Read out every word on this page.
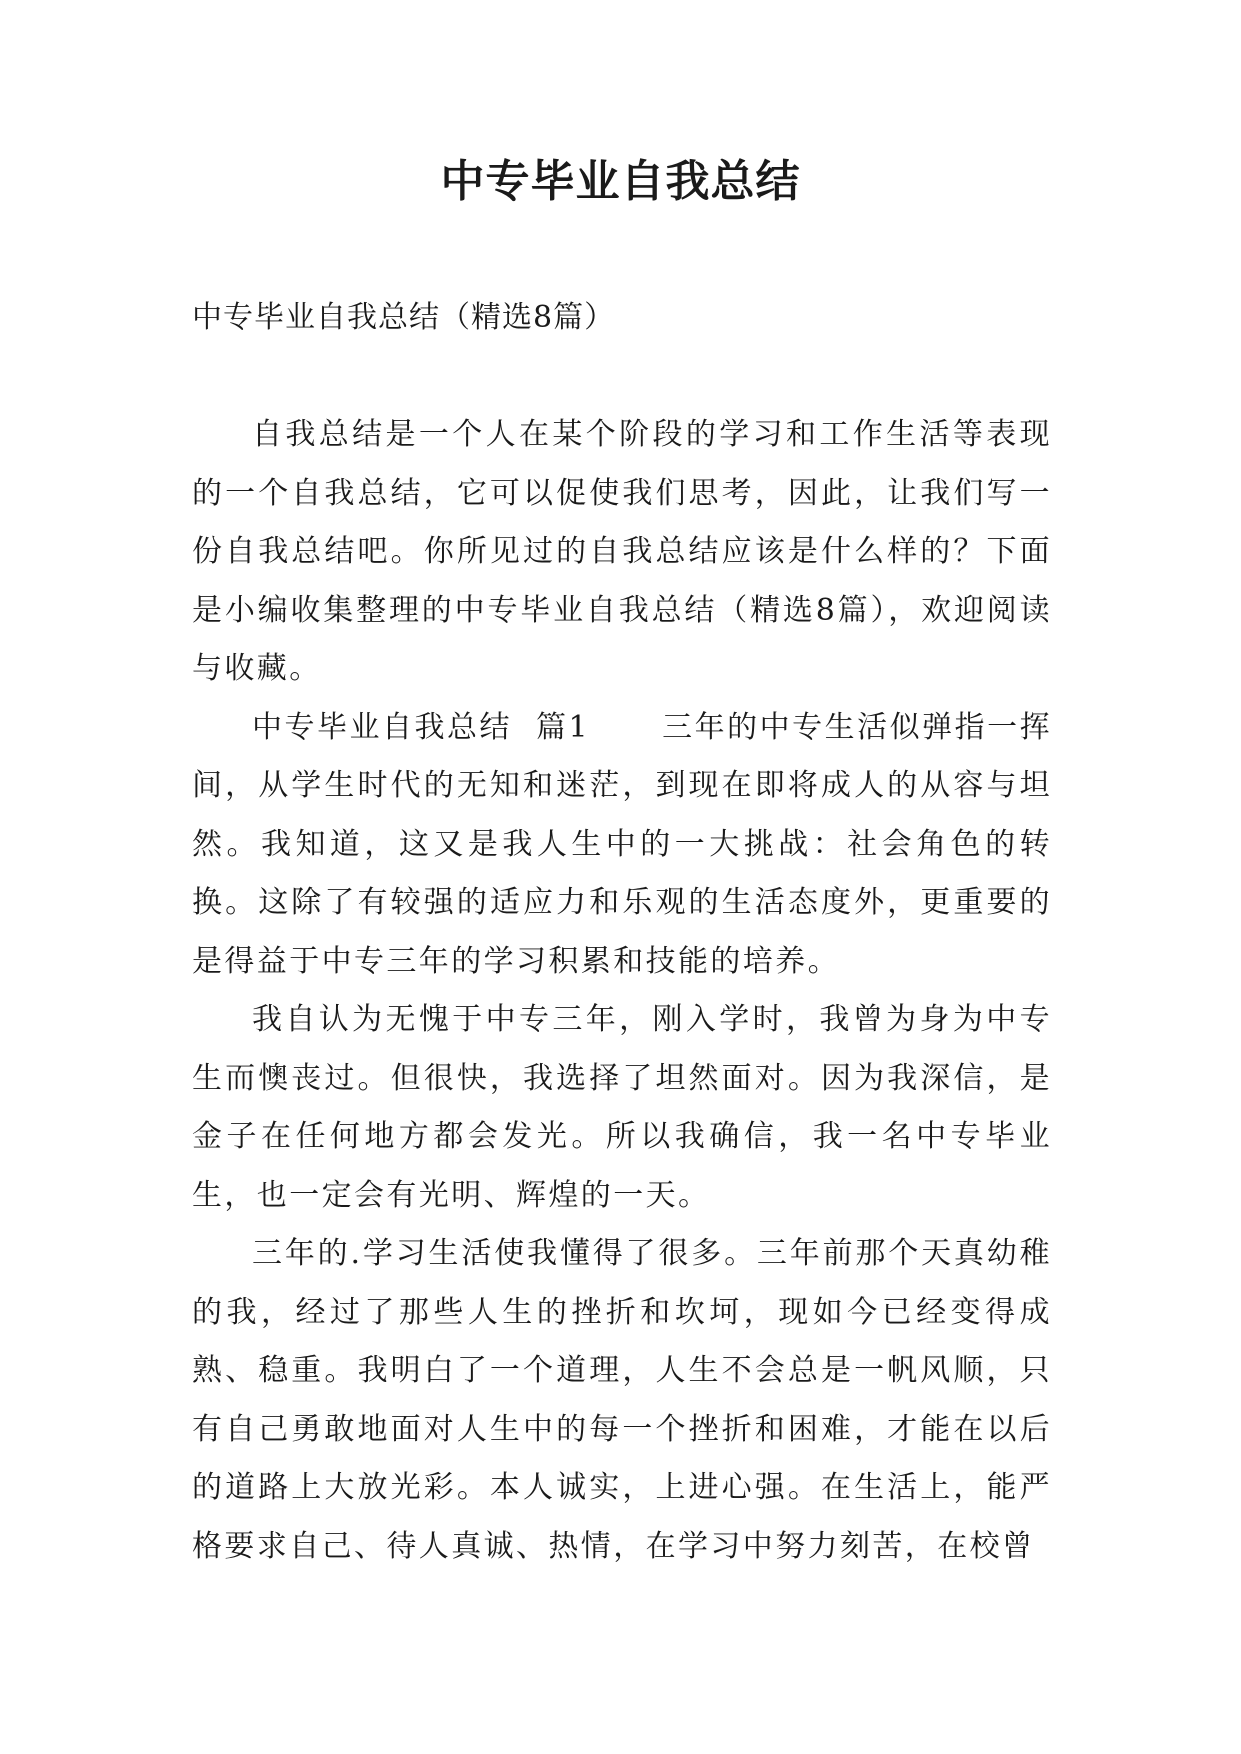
中专毕业自我总结
中专毕业自我总结（精选8篇）

自我总结是一个人在某个阶段的学习和工作生活等表现的一个自我总结，它可以促使我们思考，因此，让我们写一份自我总结吧。你所见过的自我总结应该是什么样的？下面是小编收集整理的中专毕业自我总结（精选8篇），欢迎阅读与收藏。

中专毕业自我总结  篇1 三年的中专生活似弹指一挥间，从学生时代的无知和迷茫，到现在即将成人的从容与坦然。我知道，这又是我人生中的一大挑战：社会角色的转换。这除了有较强的适应力和乐观的生活态度外，更重要的是得益于中专三年的学习积累和技能的培养。

我自认为无愧于中专三年，刚入学时，我曾为身为中专生而懊丧过。但很快，我选择了坦然面对。因为我深信，是金子在任何地方都会发光。所以我确信，我一名中专毕业生，也一定会有光明、辉煌的一天。

三年的.学习生活使我懂得了很多。三年前那个天真幼稚的我，经过了那些人生的挫折和坎坷，现如今已经变得成熟、稳重。我明白了一个道理，人生不会总是一帆风顺，只有自己勇敢地面对人生中的每一个挫折和困难，才能在以后的道路上大放光彩。本人诚实，上进心强。在生活上，能严格要求自己、待人真诚、热情，在学习中努力刻苦，在校曾
